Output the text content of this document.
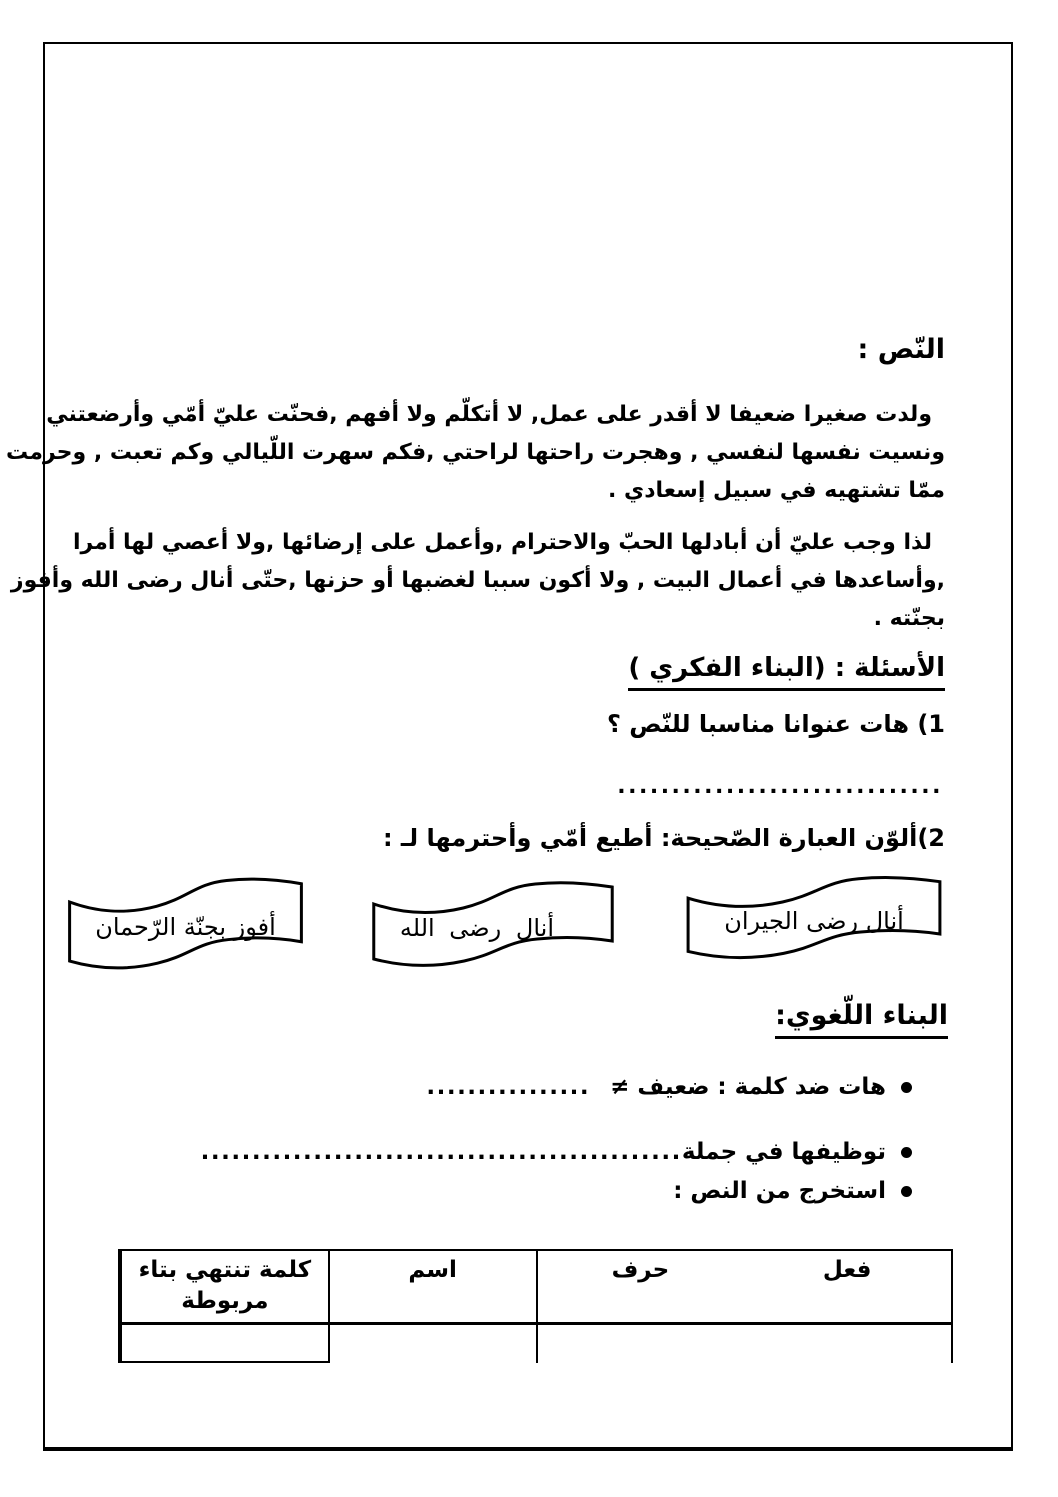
النّص :
ولدت صغيرا ضعيفا لا أقدر على عمل, لا أتكلّم ولا أفهم ,فحنّت عليّ أمّي وأرضعتني
ونسيت نفسها لنفسي , وهجرت راحتها لراحتي ,فكم سهرت اللّيالي وكم تعبت , وحرمت
ممّا تشتهيه في سبيل إسعادي .
لذا وجب عليّ أن أبادلها الحبّ والاحترام ,وأعمل على إرضائها ,ولا أعصي لها أمرا
,وأساعدها في أعمال البيت , ولا أكون سببا لغضبها أو حزنها ,حتّى أنال رضى الله وأفوز
بجنّته .
الأسئلة : (البناء الفكري )
1) هات عنوانا مناسبا للنّص ؟
..............................
2)ألوّن العبارة الصّحيحة: أطيع أمّي وأحترمها لـ :
أنال رضى الجيران
أنال رضى الله
أفوز بجنّة الرّحمان
البناء اللّغوي:
هات ضد كلمة : ضعيف ≠
................
توظيفها في جملة
...............................................
استخرج من النص :
فعل
حرف
اسم
كلمة تنتهي بتاء مربوطة
